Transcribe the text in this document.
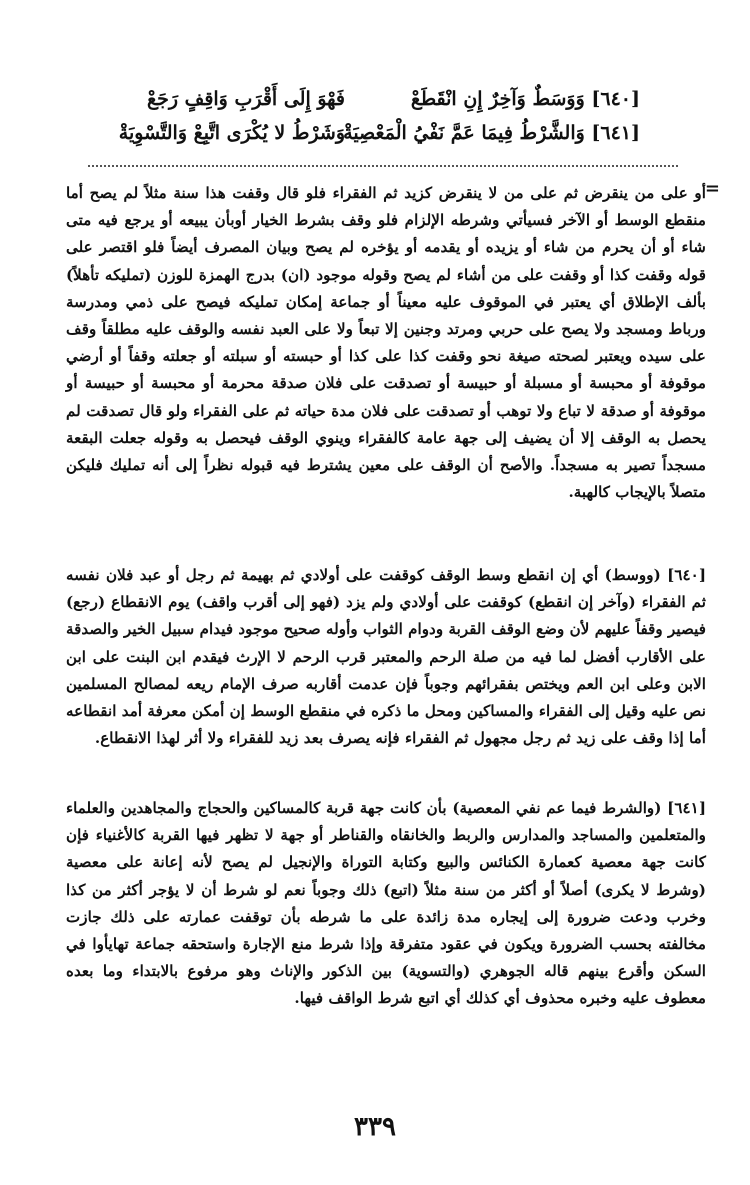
[٦٤٠] وَوَسَطٌ وَآخِرٌ إِنِ انْقَطَعْ
فَهْوَ إِلَى أَقْرَبِ وَاقِفٍ رَجَعْ
[٦٤١] وَالشَّرْطُ فِيمَا عَمَّ نَفْيُ الْمَعْصِيَةْ
وَشَرْطُ لا يُكْرَى اتَّبِعْ وَالتَّسْوِيَةْ
=

أو على من ينقرض ثم على من لا ينقرض كزيد ثم الفقراء فلو قال وقفت هذا سنة مثلاً لم يصح أما منقطع الوسط أو الآخر فسيأتي وشرطه الإلزام فلو وقف بشرط الخيار أوبأن يبيعه أو يرجع فيه متى شاء أو أن يحرم من شاء أو يزيده أو يقدمه أو يؤخره لم يصح وبيان المصرف أيضاً فلو اقتصر على قوله وقفت كذا أو وقفت على من أشاء لم يصح وقوله موجود (ان) بدرج الهمزة للوزن (تمليكه تأهلاً) بألف الإطلاق أي يعتبر في الموقوف عليه معيناً أو جماعة إمكان تمليكه فيصح على ذمي ومدرسة ورباط ومسجد ولا يصح على حربي ومرتد وجنين إلا تبعاً ولا على العبد نفسه والوقف عليه مطلقاً وقف على سيده ويعتبر لصحته صيغة نحو وقفت كذا على كذا أو حبسته أو سبلته أو جعلته وقفاً أو أرضي موقوفة أو محبسة أو مسبلة أو حبيسة أو تصدقت على فلان صدقة محرمة أو محبسة أو حبيسة أو موقوفة أو صدقة لا تباع ولا توهب أو تصدقت على فلان مدة حياته ثم على الفقراء ولو قال تصدقت لم يحصل به الوقف إلا أن يضيف إلى جهة عامة كالفقراء وينوي الوقف فيحصل به وقوله جعلت البقعة مسجداً تصير به مسجداً. والأصح أن الوقف على معين يشترط فيه قبوله نظراً إلى أنه تمليك فليكن متصلاً بالإيجاب كالهبة.

[٦٤٠] (ووسط) أي إن انقطع وسط الوقف كوقفت على أولادي ثم بهيمة ثم رجل أو عبد فلان نفسه ثم الفقراء (وآخر إن انقطع) كوقفت على أولادي ولم يزد (فهو إلى أقرب واقف) يوم الانقطاع (رجع) فيصير وقفاً عليهم لأن وضع الوقف القربة ودوام الثواب وأوله صحيح موجود فيدام سبيل الخير والصدقة على الأقارب أفضل لما فيه من صلة الرحم والمعتبر قرب الرحم لا الإرث فيقدم ابن البنت على ابن الابن وعلى ابن العم ويختص بفقرائهم وجوباً فإن عدمت أقاربه صرف الإمام ريعه لمصالح المسلمين نص عليه وقيل إلى الفقراء والمساكين ومحل ما ذكره في منقطع الوسط إن أمكن معرفة أمد انقطاعه أما إذا وقف على زيد ثم رجل مجهول ثم الفقراء فإنه يصرف بعد زيد للفقراء ولا أثر لهذا الانقطاع.

[٦٤١] (والشرط فيما عم نفي المعصية) بأن كانت جهة قربة كالمساكين والحجاج والمجاهدين والعلماء والمتعلمين والمساجد والمدارس والربط والخانقاه والقناطر أو جهة لا تظهر فيها القربة كالأغنياء فإن كانت جهة معصية كعمارة الكنائس والبيع وكتابة التوراة والإنجيل لم يصح لأنه إعانة على معصية (وشرط لا يكرى) أصلاً أو أكثر من سنة مثلاً (اتبع) ذلك وجوباً نعم لو شرط أن لا يؤجر أكثر من كذا وخرب ودعت ضرورة إلى إيجاره مدة زائدة على ما شرطه بأن توقفت عمارته على ذلك جازت مخالفته بحسب الضرورة ويكون في عقود متفرقة وإذا شرط منع الإجارة واستحقه جماعة تهايأوا في السكن وأقرع بينهم قاله الجوهري (والتسوية) بين الذكور والإناث وهو مرفوع بالابتداء وما بعده معطوف عليه وخبره محذوف أي كذلك أي اتبع شرط الواقف فيها.

٣٣٩
